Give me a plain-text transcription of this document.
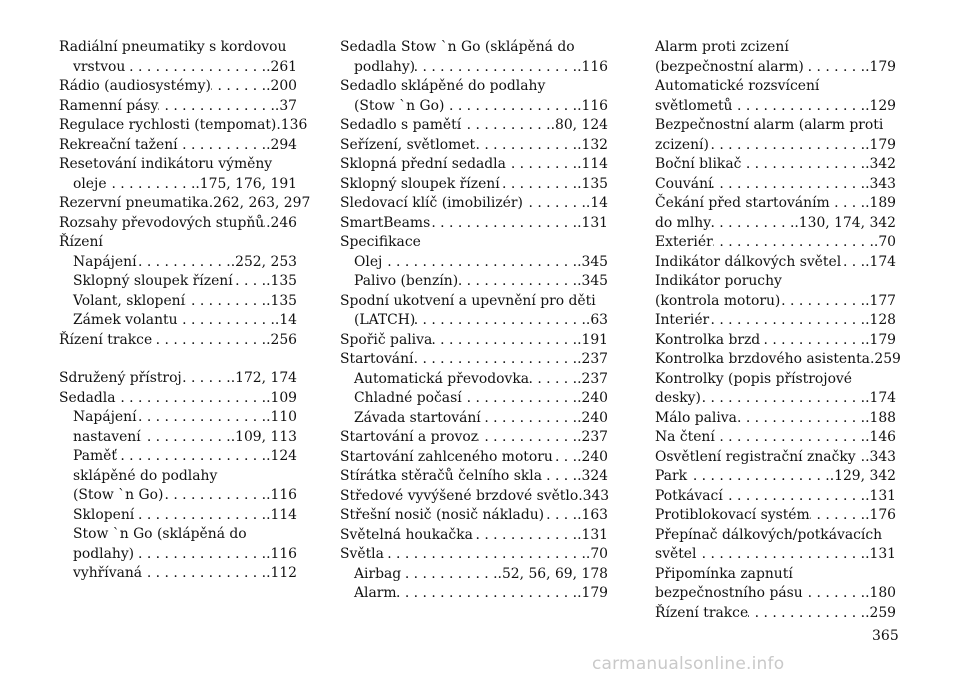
Radiální pneumatiky s kordovou
vrstvou . . .	.261
Rádio (audiosystémy) . . .	.200
Ramenní pásy . . .	.37
Regulace rychlosti (tempomat) .136
Rekreační tažení . . .	.294
Resetování indikátoru výměny
oleje . . .	.175, 176, 191
Rezervní pneumatika .262, 263, 297
Rozsahy převodových stupňů . . . .246
Řízení
Napájení . . .	.252, 253
Sklopný sloupek řízení . . . .135
Volant, sklopení . . .	.135
Zámek volantu . . .	.14
Řízení trakce . . .	.256
Sdružený přístroj . . .	.172, 174
Sedadla . . .	.109
Napájení . . .	.110
nastavení . . .	.109, 113
Paměť . . .	.124
sklápěné do podlahy
(Stow `n Go) . . .	.116
Sklopení . . .	.114
Stow `n Go (sklápěná do
podlahy) . . .	.116
vyhřívaná . . .	.112
Sedadla Stow `n Go (sklápěná do
podlahy) . . .	.116
Sedadlo sklápěné do podlahy
(Stow `n Go) . . .	.116
Sedadlo s pamětí . . .	.80, 124
Seřízení, světlomet . . .	.132
Sklopná přední sedadla . . .	.114
Sklopný sloupek řízení . . .	.135
Sledovací klíč (imobilizér) . . .	.14
SmartBeams . . .	.131
Specifikace
Olej . . .	.345
Palivo (benzín) . . .	.345
Spodní ukotvení a upevnění pro děti
(LATCH) . . .	.63
Spořič paliva . . .	.191
Startování . . .	.237
Automatická převodovka . . .	.237
Chladné počasí . . .	.240
Závada startování . . .	.240
Startování a provoz . . .	.237
Startování zahlceného motoru . . . .240
Stírátka stěračů čelního skla . . .	.324
Středové vyvýšené brzdové světlo .343
Střešní nosič (nosič nákladu) . . . .163
Světelná houkačka . . .	.131
Světla . . .	.70
Airbag . . .	.52, 56, 69, 178
Alarm . . .	.179
Alarm proti zcizení
(bezpečnostní alarm) . . .	.179
Automatické rozsvícení
světlometů . . .	.129
Bezpečnostní alarm (alarm proti
zcizení) . . .	.179
Boční blikač . . .	.342
Couvání . . .	.343
Čekání před startováním . . .	.189
do mlhy . . .	.130, 174, 342
Exteriér . . .	.70
Indikátor dálkových světel . . . .174
Indikátor poruchy
(kontrola motoru) . . .	.177
Interiér . . .	.128
Kontrolka brzd . . .	.179
Kontrolka brzdového asistenta .259
Kontrolky (popis přístrojové
desky) . . .	.174
Málo paliva . . .	.188
Na čtení . . .	.146
Osvětlení registrační značky . . . .343
Park . . .	.129, 342
Potkávací . . .	.131
Protiblokovací systém . . .	.176
Přepínač dálkových/potkávacích
světel . . .	.131
Připomínka zapnutí
bezpečnostního pásu . . .	.180
Řízení trakce . . .	.259
365
carmanualsonline.info
